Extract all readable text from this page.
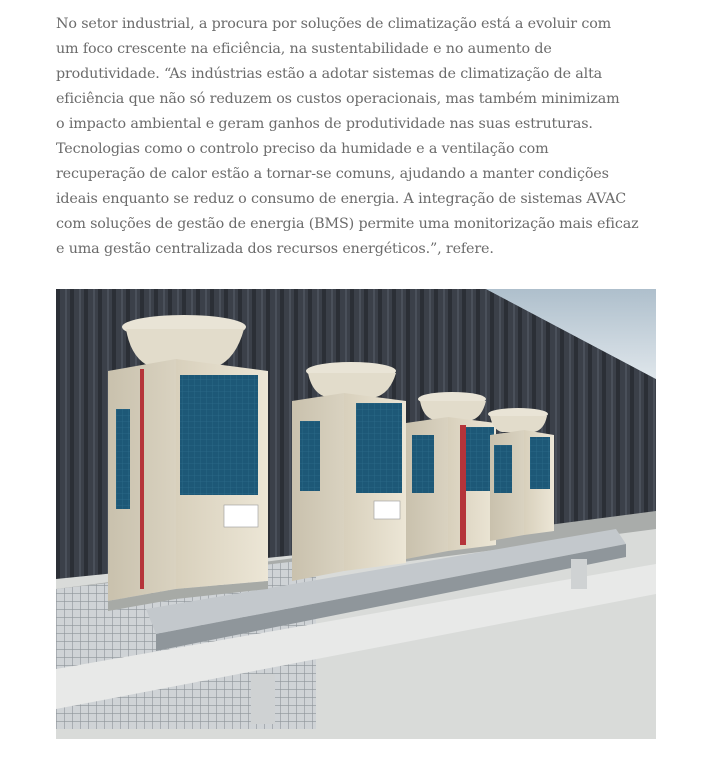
No setor industrial, a procura por soluções de climatização está a evoluir com
um foco crescente na eficiência, na sustentabilidade e no aumento de
produtividade. “As indústrias estão a adotar sistemas de climatização de alta
eficiência que não só reduzem os custos operacionais, mas também minimizam
o impacto ambiental e geram ganhos de produtividade nas suas estruturas.
Tecnologias como o controlo preciso da humidade e a ventilação com
recuperação de calor estão a tornar-se comuns, ajudando a manter condições
ideais enquanto se reduz o consumo de energia. A integração de sistemas AVAC
com soluções de gestão de energia (BMS) permite uma monitorização mais eficaz
e uma gestão centralizada dos recursos energéticos.”, refere.
